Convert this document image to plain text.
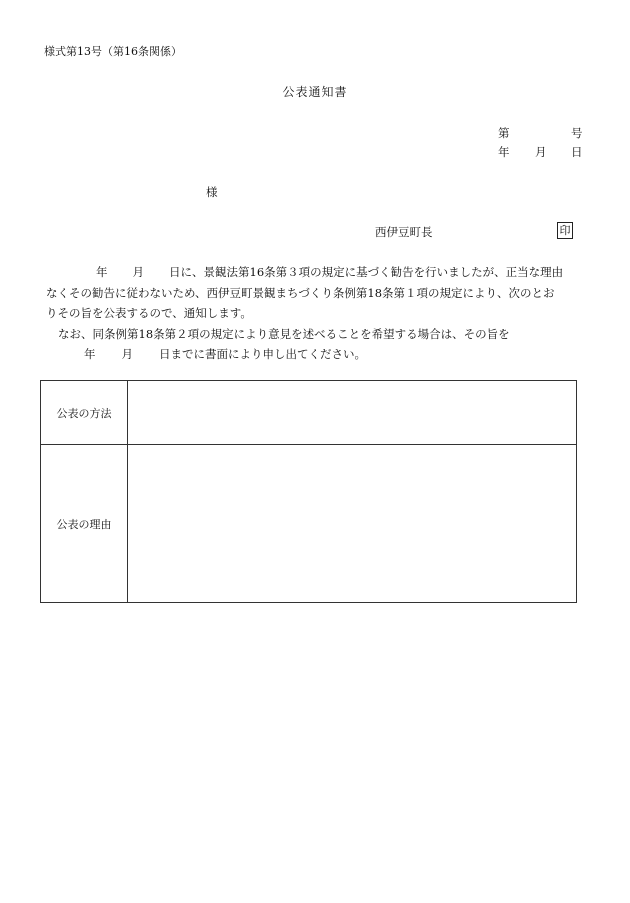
様式第13号（第16条関係）
公表通知書
第	号
年 月 日
様
西伊豆町長	印
年 月 日に、景観法第16条第３項の規定に基づく勧告を行いましたが、正当な理由
なくその勧告に従わないため、西伊豆町景観まちづくり条例第18条第１項の規定により、次のとお
りその旨を公表するので、通知します。
なお、同条例第18条第２項の規定により意見を述べることを希望する場合は、その旨を
年 月 日までに書面により申し出てください。
公表の方法	
公表の理由	
